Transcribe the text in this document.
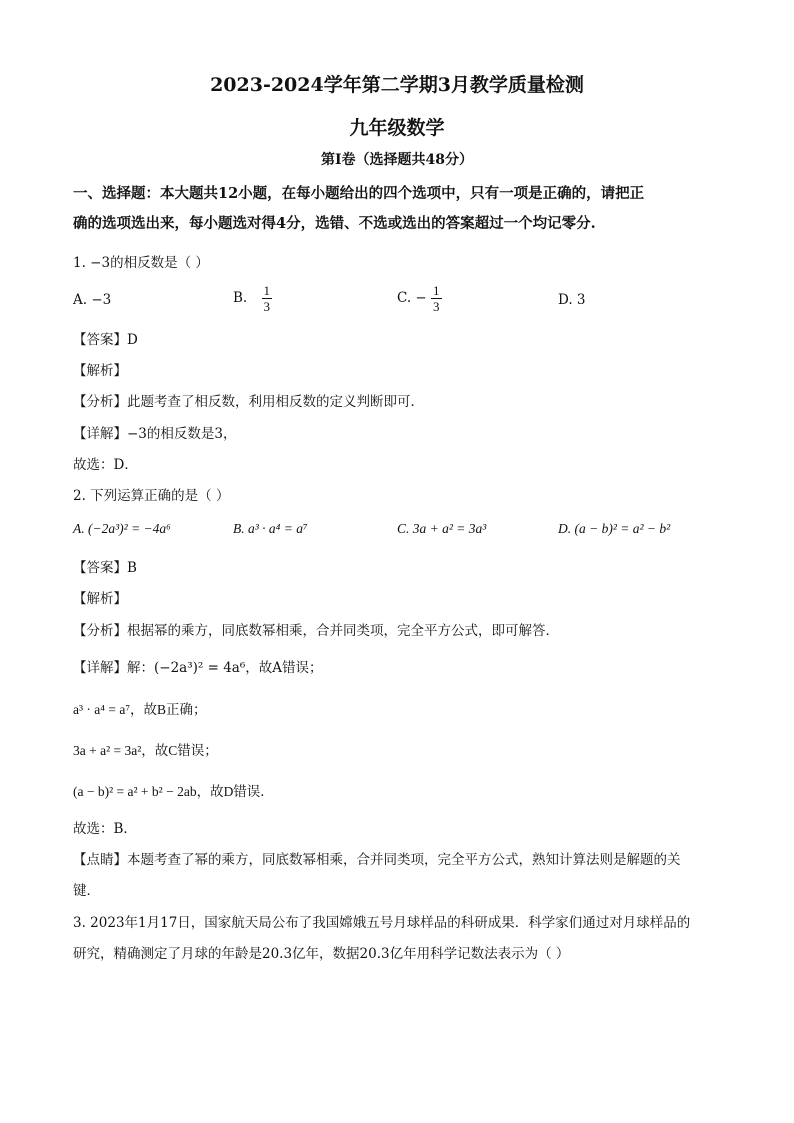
2023-2024学年第二学期3月教学质量检测
九年级数学
第I卷（选择题共48分）
一、选择题：本大题共12小题，在每小题给出的四个选项中，只有一项是正确的，请把正
确的选项选出来，每小题选对得4分，选错、不选或选出的答案超过一个均记零分.
1. −3的相反数是（ ）
A. −3	B. $\frac{1}{3}$	C. − $\frac{1}{3}$	D. 3
【答案】D
【解析】
【分析】此题考查了相反数，利用相反数的定义判断即可．
【详解】−3的相反数是3，
故选：D．
2. 下列运算正确的是（ ）
A. (−2a³)² = −4a⁶	B. a³ · a⁴ = a⁷	C. 3a + a² = 3a³	D. (a − b)² = a² − b²
【答案】B
【解析】
【分析】根据幂的乘方，同底数幂相乘，合并同类项，完全平方公式，即可解答．
【详解】解：(−2a³)² = 4a⁶，故A错误；
a³ · a⁴ = a⁷，故B正确；
3a + a² = 3a²，故C错误；
(a − b)² = a² + b² − 2ab，故D错误．
故选：B．
【点睛】本题考查了幂的乘方，同底数幂相乘，合并同类项，完全平方公式，熟知计算法则是解题的关
键．
3. 2023年1月17日，国家航天局公布了我国嫦娥五号月球样品的科研成果．科学家们通过对月球样品的
研究，精确测定了月球的年龄是20.3亿年，数据20.3亿年用科学记数法表示为（ ）
